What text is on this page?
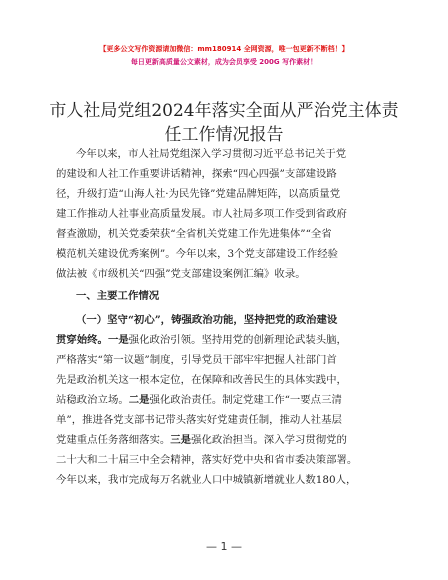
【更多公文写作资源请加微信：mm180914 全网资源，唯一包更新不断档！】
每日更新高质量公文素材，成为会员享受 200G 写作素材！
市人社局党组2024年落实全面从严治党主体责
任工作情况报告
今年以来，市人社局党组深入学习贯彻习近平总书记关于党
的建设和人社工作重要讲话精神，探索“四心四强”支部建设路
径，升级打造“山海人社·为民先锋”党建品牌矩阵，以高质量党
建工作推动人社事业高质量发展。市人社局多项工作受到省政府
督查激励，机关党委荣获“全省机关党建工作先进集体”“全省
模范机关建设优秀案例”。今年以来，3个党支部建设工作经验
做法被《市级机关“四强”党支部建设案例汇编》收录。
一、主要工作情况
（一）坚守“初心”，铸强政治功能，坚持把党的政治建设
贯穿始终。一是强化政治引领。坚持用党的创新理论武装头脑，
严格落实“第一议题”制度，引导党员干部牢牢把握人社部门首
先是政治机关这一根本定位，在保障和改善民生的具体实践中，
站稳政治立场。二是强化政治责任。制定党建工作“一要点三清
单”，推进各党支部书记带头落实好党建责任制，推动人社基层
党建重点任务落细落实。三是强化政治担当。深入学习贯彻党的
二十大和二十届三中全会精神，落实好党中央和省市委决策部署。
今年以来，我市完成每万名就业人口中城镇新增就业人数180人，
— 1 —
